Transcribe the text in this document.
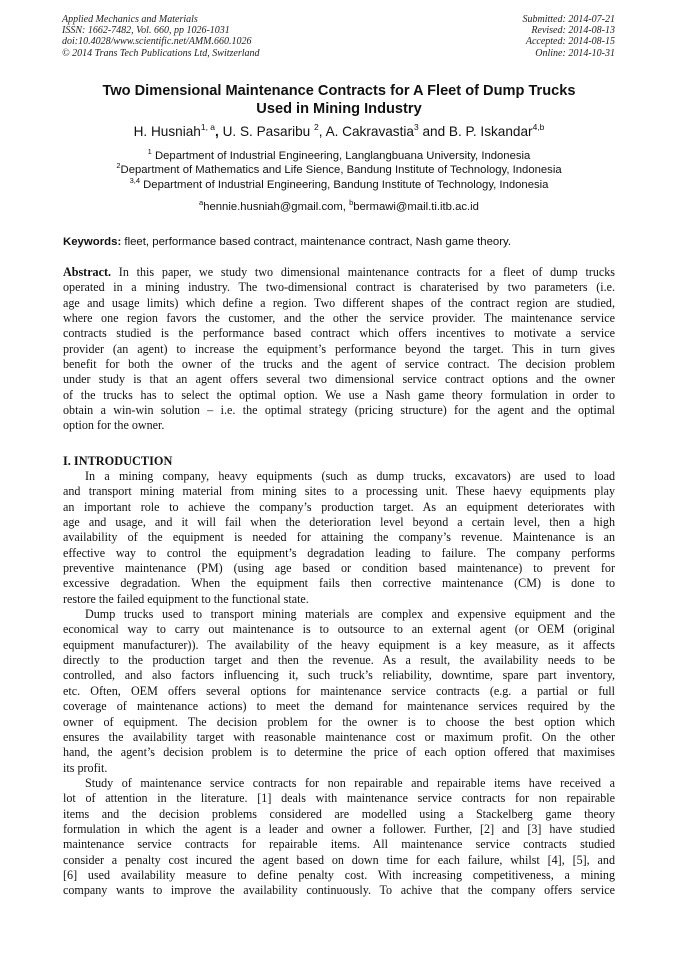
Applied Mechanics and Materials
ISSN: 1662-7482, Vol. 660, pp 1026-1031
doi:10.4028/www.scientific.net/AMM.660.1026
© 2014 Trans Tech Publications Ltd, Switzerland
Submitted: 2014-07-21
Revised: 2014-08-13
Accepted: 2014-08-15
Online: 2014-10-31
Two Dimensional Maintenance Contracts for A Fleet of Dump Trucks
Used in Mining Industry
H. Husniah$^{1, a}$, U. S. Pasaribu $^2$, A. Cakravastia$^3$ and B. P. Iskandar$^{4,b}$
$^1$ Department of Industrial Engineering, Langlangbuana University, Indonesia
$^2$Department of Mathematics and Life Sience, Bandung Institute of Technology, Indonesia
$^{3,4}$ Department of Industrial Engineering, Bandung Institute of Technology, Indonesia
$^a$hennie.husniah@gmail.com, $^b$bermawi@mail.ti.itb.ac.id
Keywords: fleet, performance based contract, maintenance contract, Nash game theory.
Abstract. In this paper, we study two dimensional maintenance contracts for a fleet of dump trucks
operated in a mining industry. The two-dimensional contract is charaterised by two parameters (i.e.
age and usage limits) which define a region. Two different shapes of the contract region are studied,
where one region favors the customer, and the other the service provider. The maintenance service
contracts studied is the performance based contract which offers incentives to motivate a service
provider (an agent) to increase the equipment’s performance beyond the target. This in turn gives
benefit for both the owner of the trucks and the agent of service contract. The decision problem
under study is that an agent offers several two dimensional service contract options and the owner
of the trucks has to select the optimal option. We use a Nash game theory formulation in order to
obtain a win-win solution – i.e. the optimal strategy (pricing structure) for the agent and the optimal
option for the owner.
I. INTRODUCTION
In a mining company, heavy equipments (such as dump trucks, excavators) are used to load
and transport mining material from mining sites to a processing unit. These haevy equipments play
an important role to achieve the company’s production target. As an equipment deteriorates with
age and usage, and it will fail when the deterioration level beyond a certain level, then a high
availability of the equipment is needed for attaining the company’s revenue. Maintenance is an
effective way to control the equipment’s degradation leading to failure. The company performs
preventive maintenance (PM) (using age based or condition based maintenance) to prevent for
excessive degradation. When the equipment fails then corrective maintenance (CM) is done to
restore the failed equipment to the functional state.
Dump trucks used to transport mining materials are complex and expensive equipment and the
economical way to carry out maintenance is to outsource to an external agent (or OEM (original
equipment manufacturer)). The availability of the heavy equipment is a key measure, as it affects
directly to the production target and then the revenue. As a result, the availability needs to be
controlled, and also factors influencing it, such truck’s reliability, downtime, spare part inventory,
etc. Often, OEM offers several options for maintenance service contracts (e.g. a partial or full
coverage of maintenance actions) to meet the demand for maintenance services required by the
owner of equipment. The decision problem for the owner is to choose the best option which
ensures the availability target with reasonable maintenance cost or maximum profit. On the other
hand, the agent’s decision problem is to determine the price of each option offered that maximises
its profit.
Study of maintenance service contracts for non repairable and repairable items have received a
lot of attention in the literature. [1] deals with maintenance service contracts for non repairable
items and the decision problems considered are modelled using a Stackelberg game theory
formulation in which the agent is a leader and owner a follower. Further, [2] and [3] have studied
maintenance service contracts for repairable items. All maintenance service contracts studied
consider a penalty cost incured the agent based on down time for each failure, whilst [4], [5], and
[6] used availability measure to define penalty cost. With increasing competitiveness, a mining
company wants to improve the availability continuously. To achive that the company offers service
